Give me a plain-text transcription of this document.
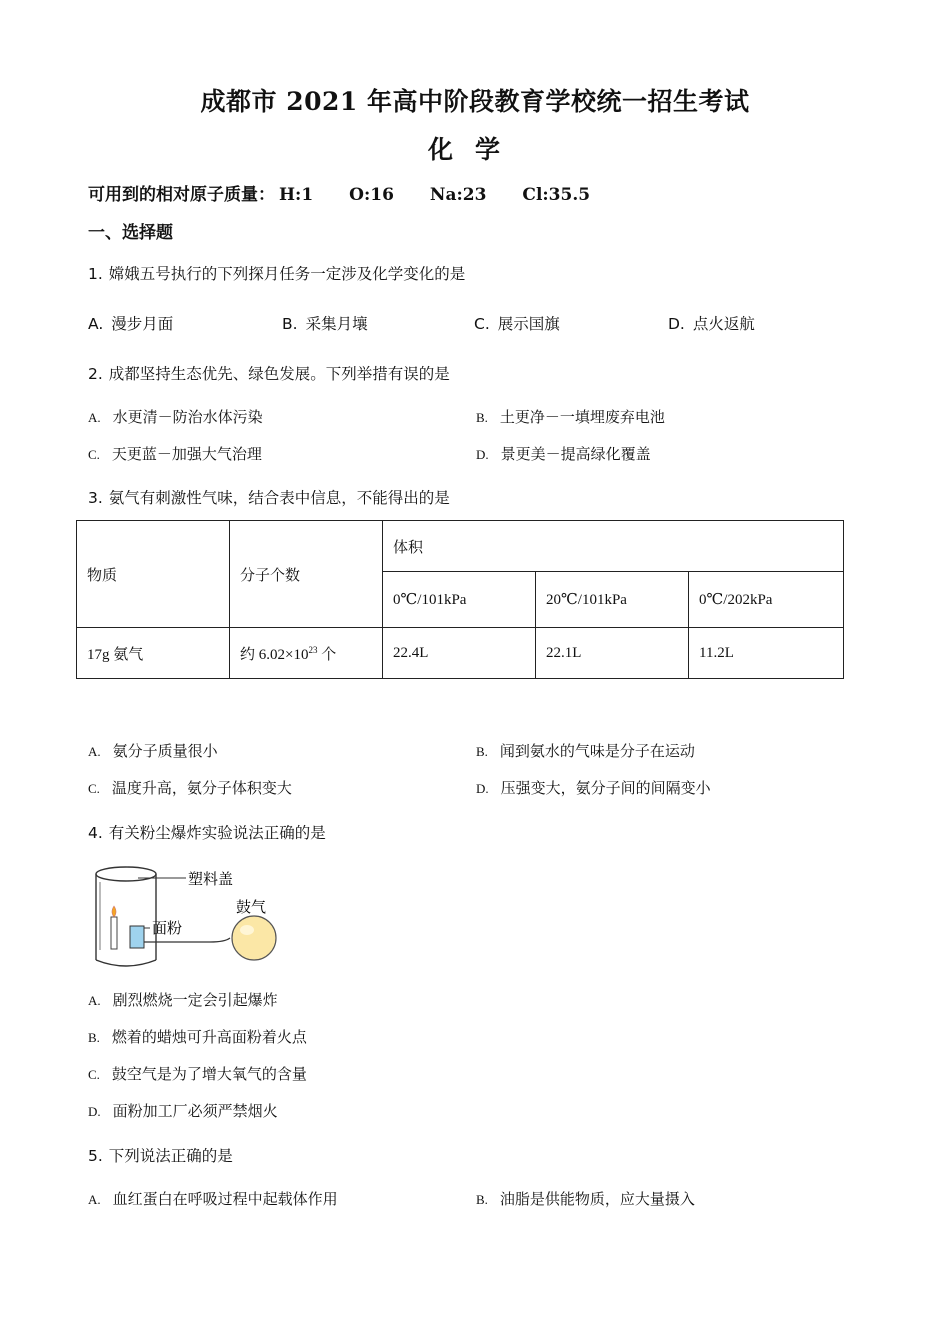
成都市 2021 年高中阶段教育学校统一招生考试
化学
可用到的相对原子质量： H:1 O:16 Na:23 Cl:35.5
一、选择题
1. 嫦娥五号执行的下列探月任务一定涉及化学变化的是
A. 漫步月面	B. 采集月壤	C. 展示国旗	D. 点火返航
2. 成都坚持生态优先、绿色发展。下列举措有误的是
A. 水更清－防治水体污染	B. 土更净－一填埋废弃电池
C. 天更蓝－加强大气治理	D. 景更美－提高绿化覆盖
3. 氨气有刺激性气味，结合表中信息，不能得出的是
物质	分子个数	体积		
		0℃/101kPa	20℃/101kPa	0℃/202kPa
17g 氨气	约 $6.02\times 10^{23}$ 个	22.4L	22.1L	11.2L
A. 氨分子质量很小	B. 闻到氨水的气味是分子在运动
C. 温度升高，氨分子体积变大	D. 压强变大，氨分子间的间隔变小
4. 有关粉尘爆炸实验说法正确的是
塑料盖
面粉
鼓气
A. 剧烈燃烧一定会引起爆炸
B. 燃着的蜡烛可升高面粉着火点
C. 鼓空气是为了增大氧气的含量
D. 面粉加工厂必须严禁烟火
5. 下列说法正确的是
A. 血红蛋白在呼吸过程中起载体作用	B. 油脂是供能物质，应大量摄入
